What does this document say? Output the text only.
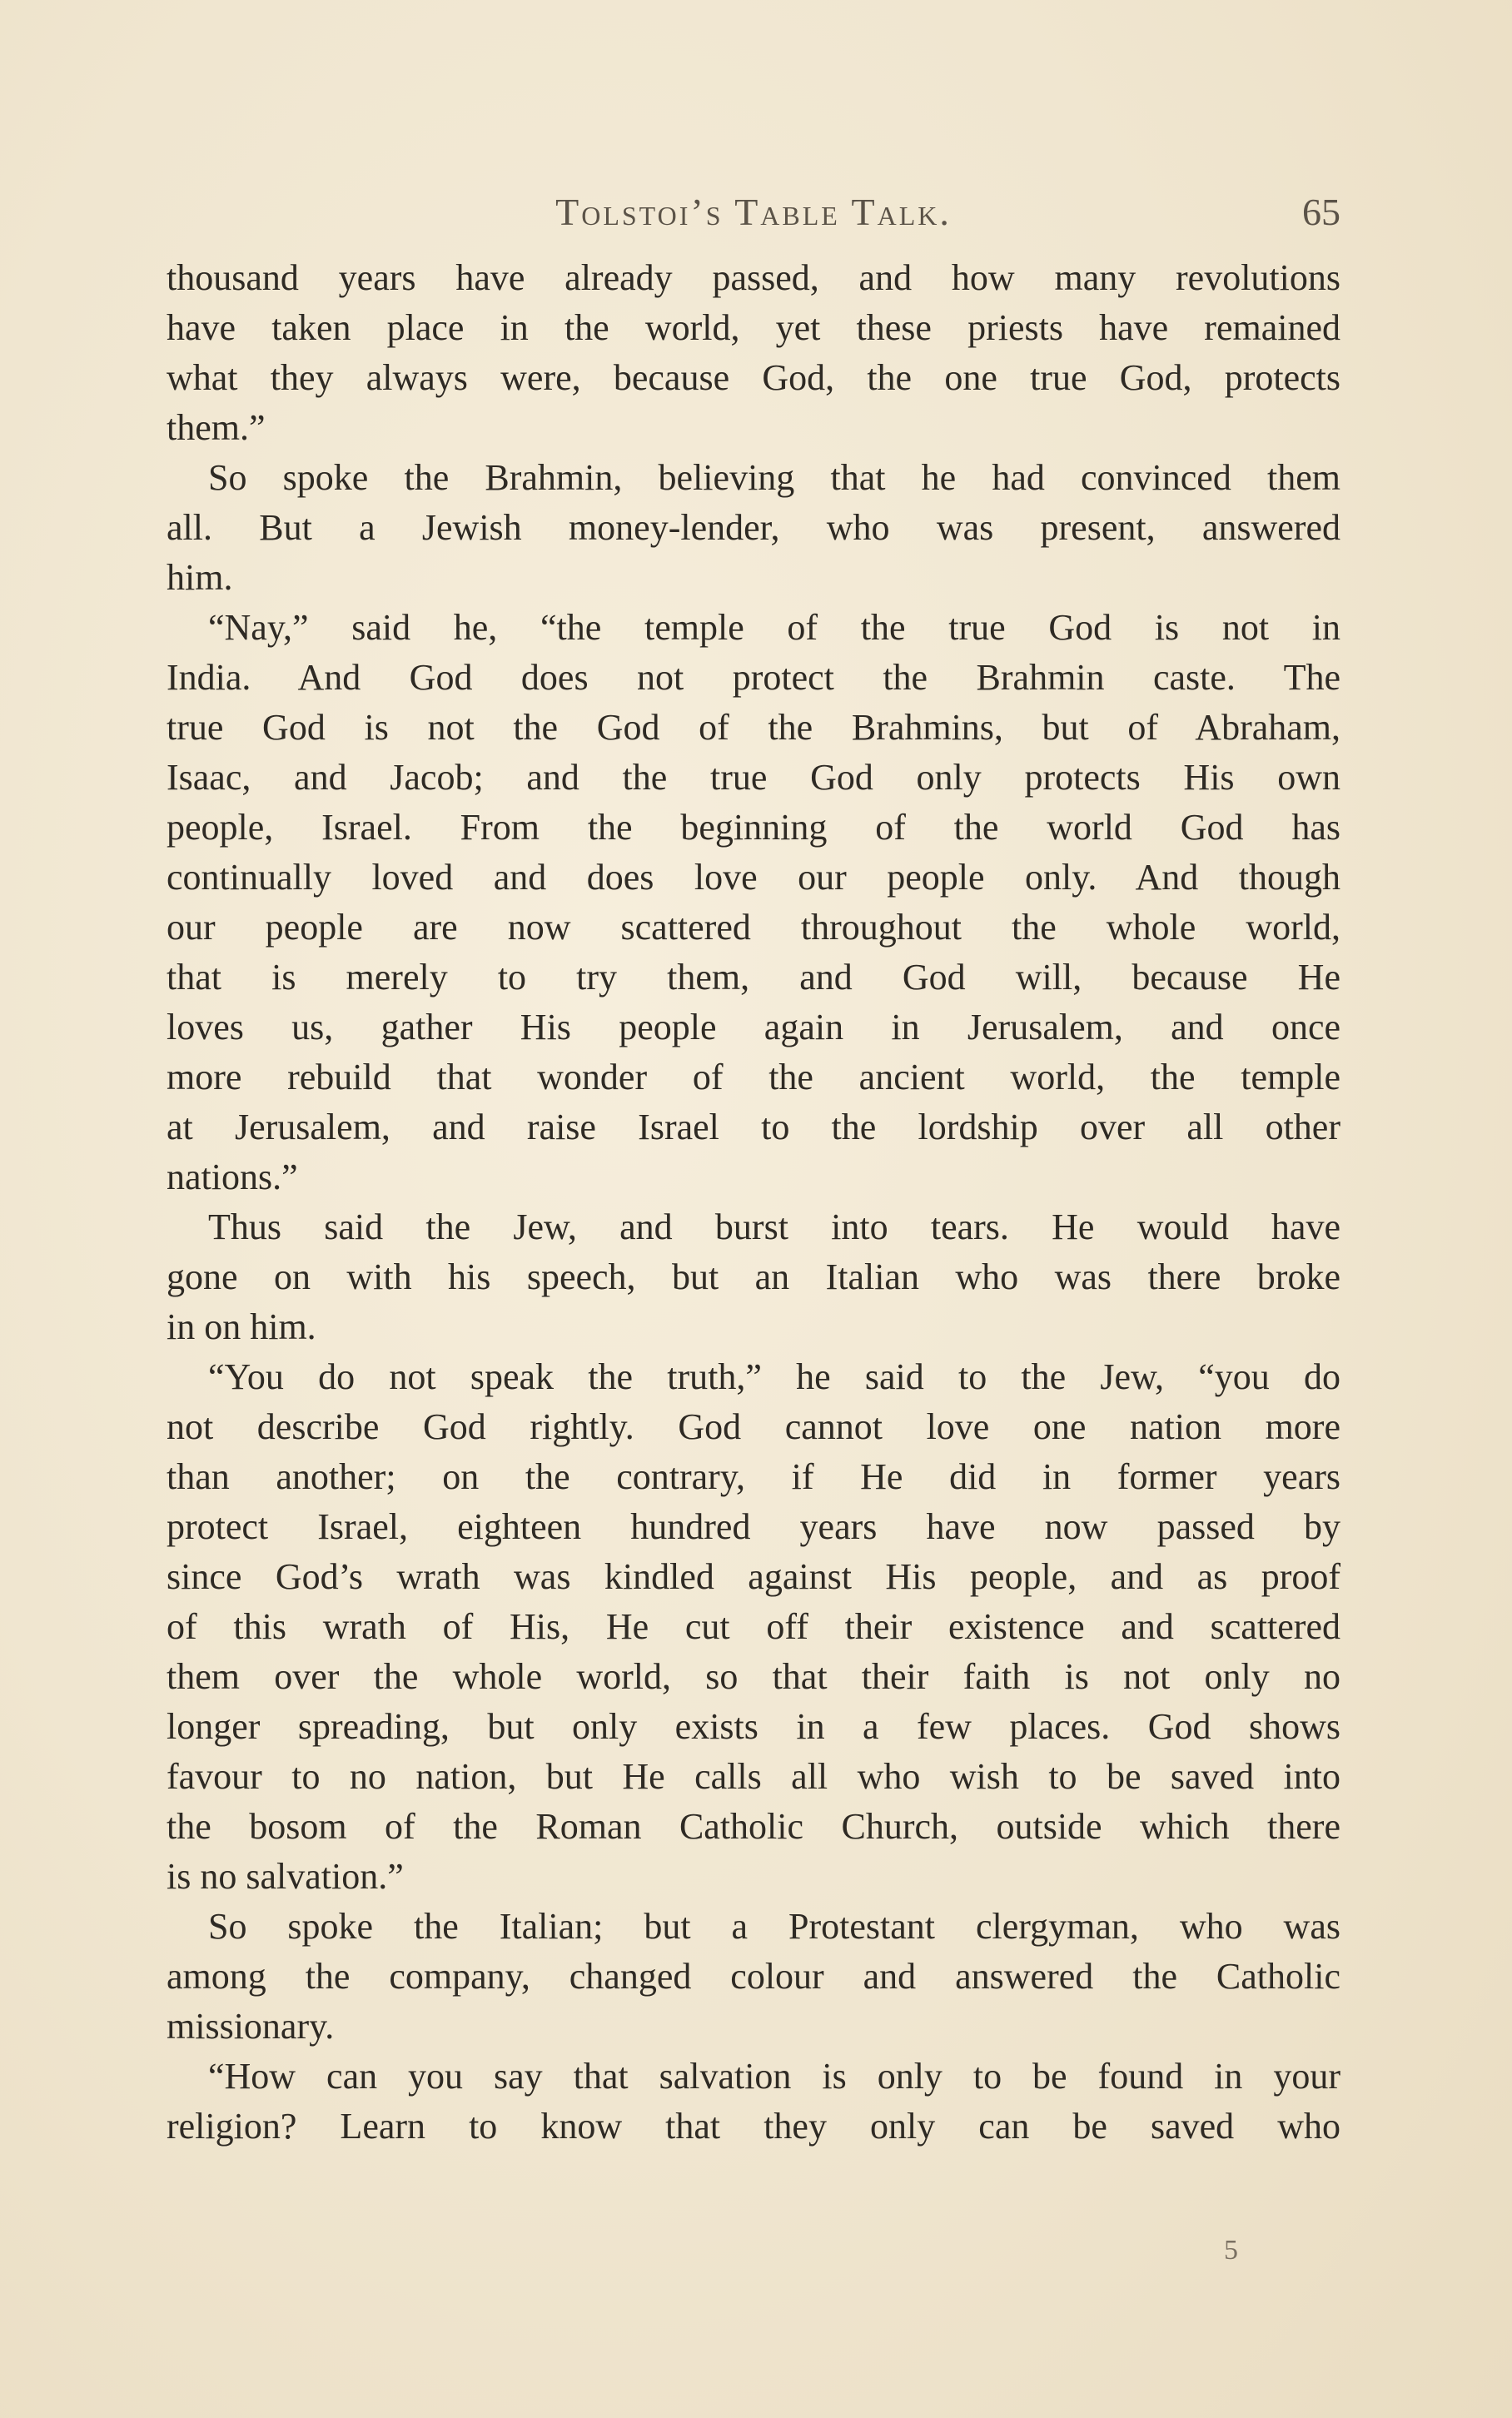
Tolstoi’s Table Talk.	65
thousand years have already passed, and how many revolutions
have taken place in the world, yet these priests have remained
what they always were, because God, the one true God, protects
them.”
So spoke the Brahmin, believing that he had convinced them
all. But a Jewish money-lender, who was present, answered
him.
“Nay,” said he, “the temple of the true God is not in
India. And God does not protect the Brahmin caste. The
true God is not the God of the Brahmins, but of Abraham,
Isaac, and Jacob; and the true God only protects His own
people, Israel. From the beginning of the world God has
continually loved and does love our people only. And though
our people are now scattered throughout the whole world,
that is merely to try them, and God will, because He
loves us, gather His people again in Jerusalem, and once
more rebuild that wonder of the ancient world, the temple
at Jerusalem, and raise Israel to the lordship over all other
nations.”
Thus said the Jew, and burst into tears. He would have
gone on with his speech, but an Italian who was there broke
in on him.
“You do not speak the truth,” he said to the Jew, “you do
not describe God rightly. God cannot love one nation more
than another; on the contrary, if He did in former years
protect Israel, eighteen hundred years have now passed by
since God’s wrath was kindled against His people, and as proof
of this wrath of His, He cut off their existence and scattered
them over the whole world, so that their faith is not only no
longer spreading, but only exists in a few places. God shows
favour to no nation, but He calls all who wish to be saved into
the bosom of the Roman Catholic Church, outside which there
is no salvation.”
So spoke the Italian; but a Protestant clergyman, who was
among the company, changed colour and answered the Catholic
missionary.
“How can you say that salvation is only to be found in your
religion? Learn to know that they only can be saved who
5
